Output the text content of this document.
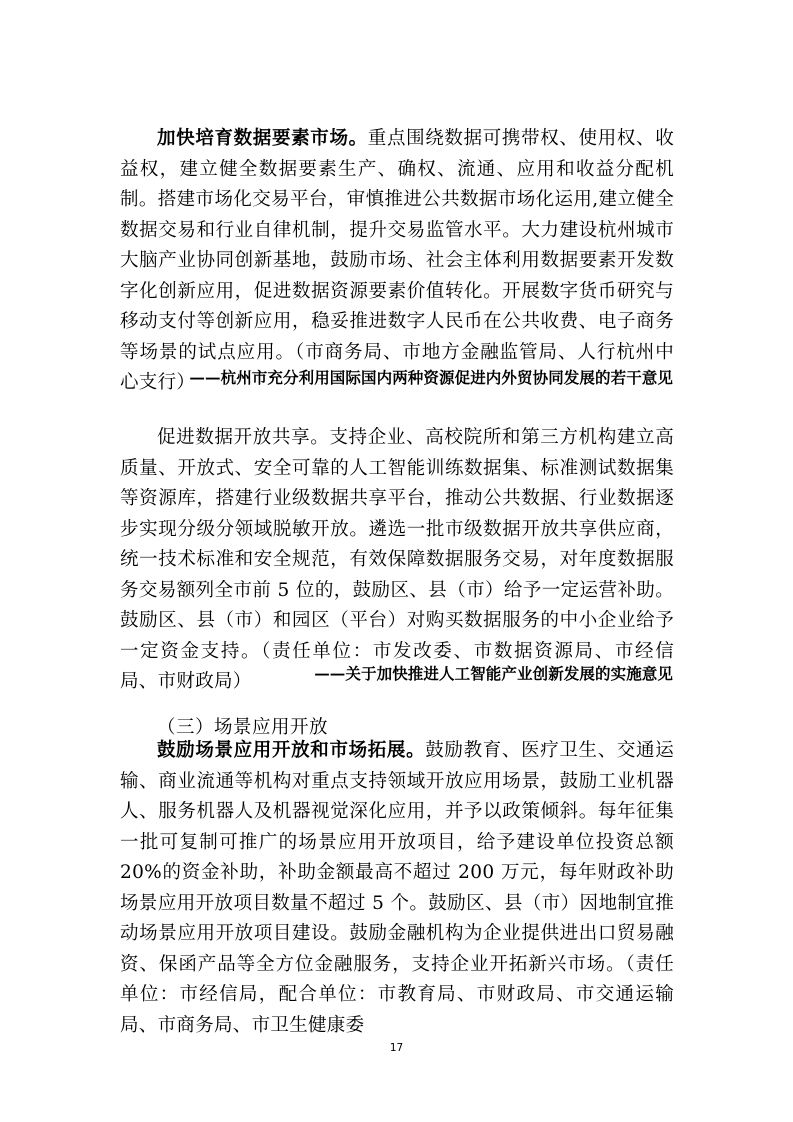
加快培育数据要素市场。重点围绕数据可携带权、使用权、收益权，建立健全数据要素生产、确权、流通、应用和收益分配机制。搭建市场化交易平台，审慎推进公共数据市场化运用,建立健全数据交易和行业自律机制，提升交易监管水平。大力建设杭州城市大脑产业协同创新基地，鼓励市场、社会主体利用数据要素开发数字化创新应用，促进数据资源要素价值转化。开展数字货币研究与移动支付等创新应用，稳妥推进数字人民币在公共收费、电子商务等场景的试点应用。（市商务局、市地方金融监管局、人行杭州中心支行）

——杭州市充分利用国际国内两种资源促进内外贸协同发展的若干意见

促进数据开放共享。支持企业、高校院所和第三方机构建立高质量、开放式、安全可靠的人工智能训练数据集、标准测试数据集等资源库，搭建行业级数据共享平台，推动公共数据、行业数据逐步实现分级分领域脱敏开放。遴选一批市级数据开放共享供应商，统一技术标准和安全规范，有效保障数据服务交易，对年度数据服务交易额列全市前 5 位的，鼓励区、县（市）给予一定运营补助。鼓励区、县（市）和园区（平台）对购买数据服务的中小企业给予一定资金支持。（责任单位：市发改委、市数据资源局、市经信局、市财政局）	——关于加快推进人工智能产业创新发展的实施意见
（三）场景应用开放

鼓励场景应用开放和市场拓展。鼓励教育、医疗卫生、交通运输、商业流通等机构对重点支持领域开放应用场景，鼓励工业机器人、服务机器人及机器视觉深化应用，并予以政策倾斜。每年征集一批可复制可推广的场景应用开放项目，给予建设单位投资总额 20%的资金补助，补助金额最高不超过 200 万元，每年财政补助场景应用开放项目数量不超过 5 个。鼓励区、县（市）因地制宜推动场景应用开放项目建设。鼓励金融机构为企业提供进出口贸易融资、保函产品等全方位金融服务，支持企业开拓新兴市场。（责任单位：市经信局，配合单位：市教育局、市财政局、市交通运输局、市商务局、市卫生健康委

17
